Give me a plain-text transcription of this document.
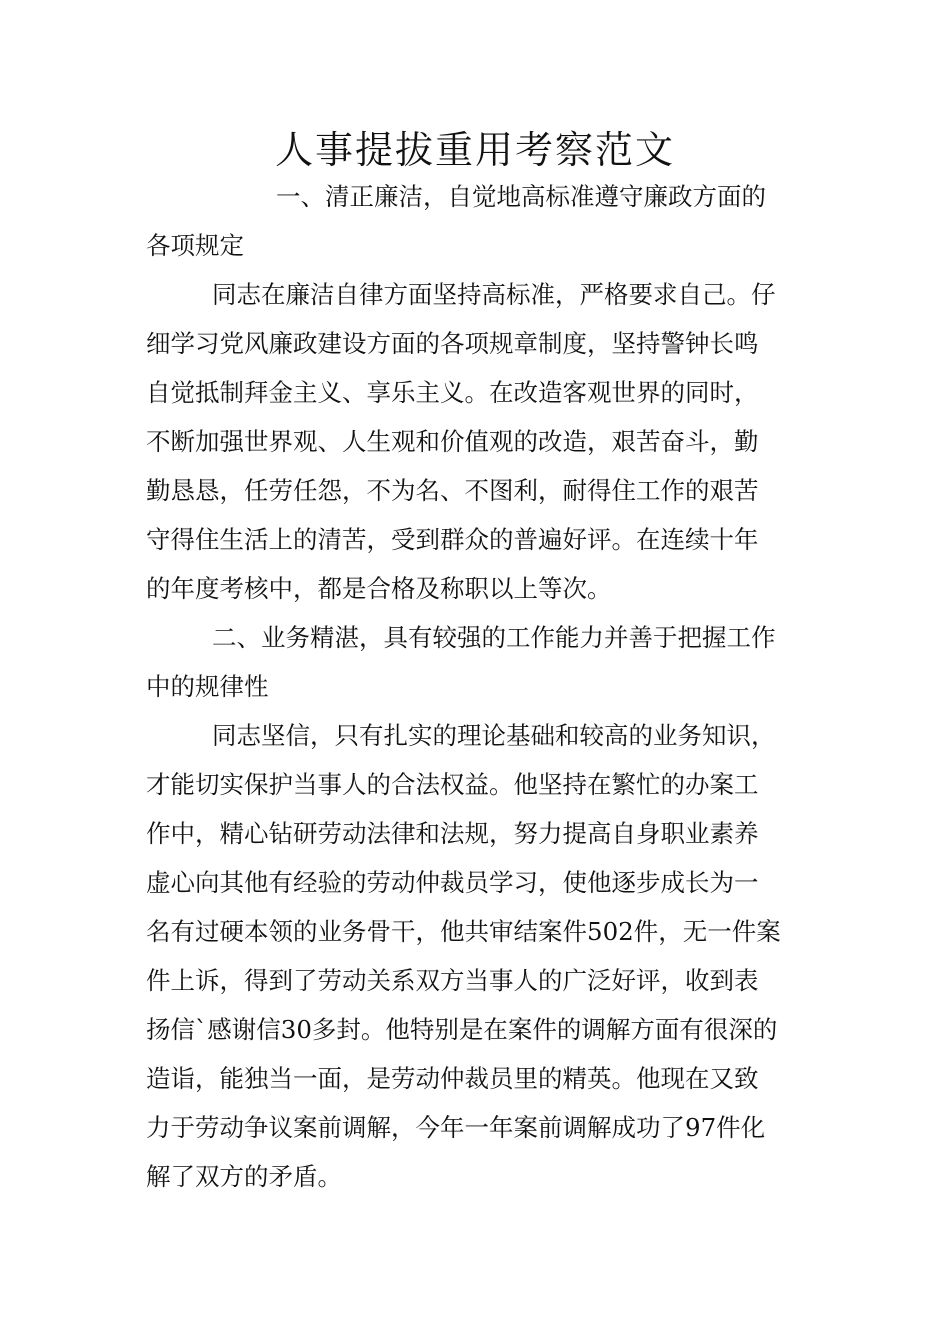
人事提拔重用考察范文
一、清正廉洁，自觉地高标准遵守廉政方面的
各项规定
同志在廉洁自律方面坚持高标准，严格要求自己。仔
细学习党风廉政建设方面的各项规章制度，坚持警钟长鸣
自觉抵制拜金主义、享乐主义。在改造客观世界的同时，
不断加强世界观、人生观和价值观的改造，艰苦奋斗，勤
勤恳恳，任劳任怨，不为名、不图利，耐得住工作的艰苦
守得住生活上的清苦，受到群众的普遍好评。在连续十年
的年度考核中，都是合格及称职以上等次。
二、业务精湛，具有较强的工作能力并善于把握工作
中的规律性
同志坚信，只有扎实的理论基础和较高的业务知识，
才能切实保护当事人的合法权益。他坚持在繁忙的办案工
作中，精心钻研劳动法律和法规，努力提高自身职业素养
虚心向其他有经验的劳动仲裁员学习，使他逐步成长为一
名有过硬本领的业务骨干，他共审结案件502件，无一件案
件上诉，得到了劳动关系双方当事人的广泛好评，收到表
扬信`感谢信30多封。他特别是在案件的调解方面有很深的
造诣，能独当一面，是劳动仲裁员里的精英。他现在又致
力于劳动争议案前调解，今年一年案前调解成功了97件化
解了双方的矛盾。
